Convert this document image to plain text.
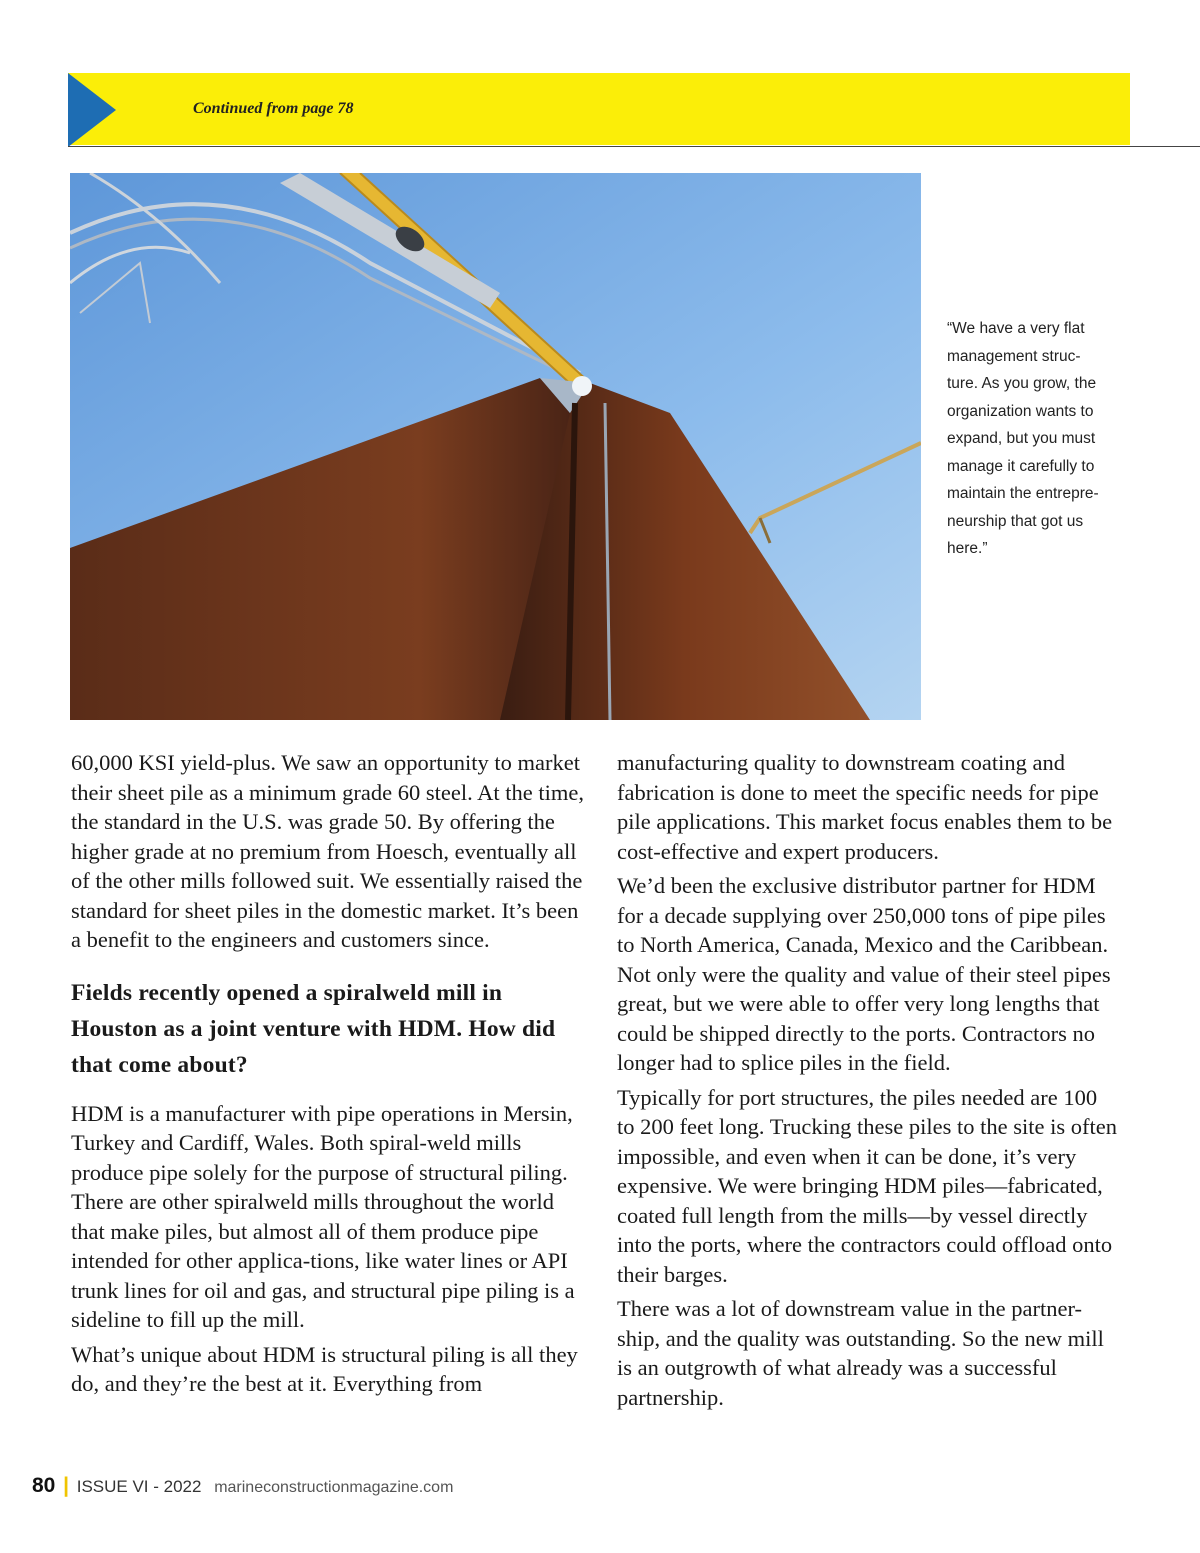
Continued from page 78
“We have a very flat
management struc-
ture. As you grow, the
organization wants to
expand, but you must
manage it carefully to
maintain the entrepre-
neurship that got us
here.”

60,000 KSI yield-plus. We saw an opportunity to market their sheet pile as a minimum grade 60 steel. At the time, the standard in the U.S. was grade 50. By offering the higher grade at no premium from Hoesch, eventually all of the other mills followed suit. We essentially raised the standard for sheet piles in the domestic market. It’s been a benefit to the engineers and customers since.

Fields recently opened a spiralweld mill in Houston as a joint venture with HDM. How did that come about?

HDM is a manufacturer with pipe operations in Mersin, Turkey and Cardiff, Wales. Both spiral-weld mills produce pipe solely for the purpose of structural piling. There are other spiralweld mills throughout the world that make piles, but almost all of them produce pipe intended for other applica-tions, like water lines or API trunk lines for oil and gas, and structural pipe piling is a sideline to fill up the mill.

What’s unique about HDM is structural piling is all they do, and they’re the best at it. Everything from

manufacturing quality to downstream coating and fabrication is done to meet the specific needs for pipe pile applications. This market focus enables them to be cost-effective and expert producers.

We’d been the exclusive distributor partner for HDM for a decade supplying over 250,000 tons of pipe piles to North America, Canada, Mexico and the Caribbean. Not only were the quality and value of their steel pipes great, but we were able to offer very long lengths that could be shipped directly to the ports. Contractors no longer had to splice piles in the field.

Typically for port structures, the piles needed are 100 to 200 feet long. Trucking these piles to the site is often impossible, and even when it can be done, it’s very expensive. We were bringing HDM piles—fabricated, coated full length from the mills—by vessel directly into the ports, where the contractors could offload onto their barges.

There was a lot of downstream value in the partner-ship, and the quality was outstanding. So the new mill is an outgrowth of what already was a successful partnership.

80 | ISSUE VI - 2022 marineconstructionmagazine.com
